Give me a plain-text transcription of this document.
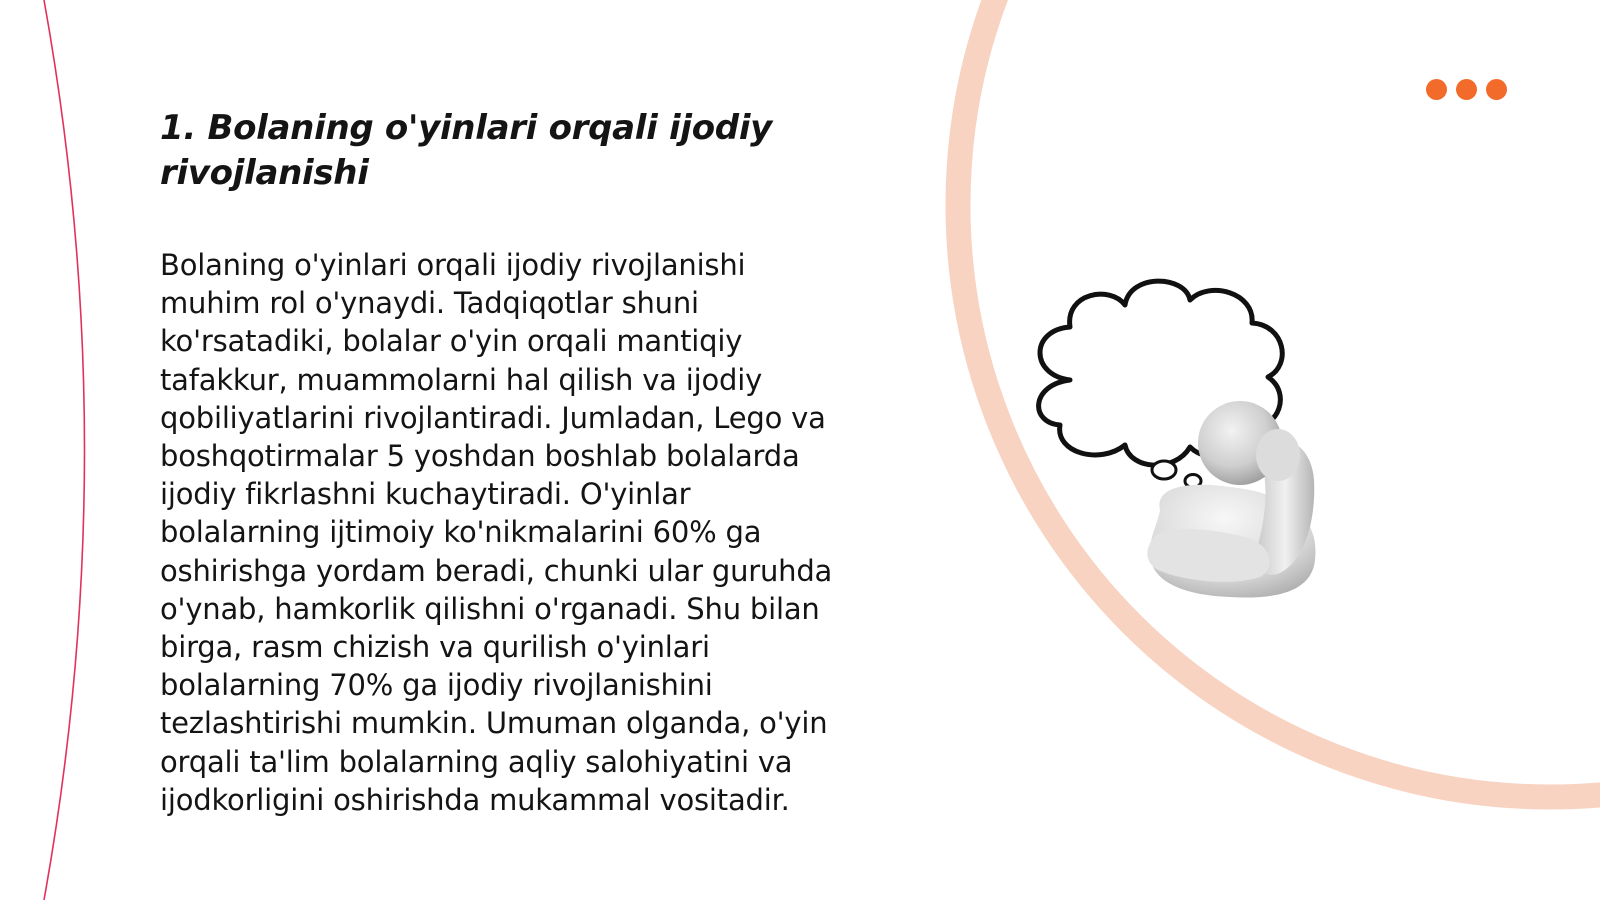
1. Bolaning o'yinlari orqali ijodiy rivojlanishi

Bolaning o'yinlari orqali ijodiy rivojlanishi muhim rol o'ynaydi. Tadqiqotlar shuni ko'rsatadiki, bolalar o'yin orqali mantiqiy tafakkur, muammolarni hal qilish va ijodiy qobiliyatlarini rivojlantiradi. Jumladan, Lego va boshqotirmalar 5 yoshdan boshlab bolalarda ijodiy fikrlashni kuchaytiradi. O'yinlar bolalarning ijtimoiy ko'nikmalarini 60% ga oshirishga yordam beradi, chunki ular guruhda o'ynab, hamkorlik qilishni o'rganadi. Shu bilan birga, rasm chizish va qurilish o'yinlari bolalarning 70% ga ijodiy rivojlanishini tezlashtirishi mumkin. Umuman olganda, o'yin orqali ta'lim bolalarning aqliy salohiyatini va ijodkorligini oshirishda mukammal vositadir.
